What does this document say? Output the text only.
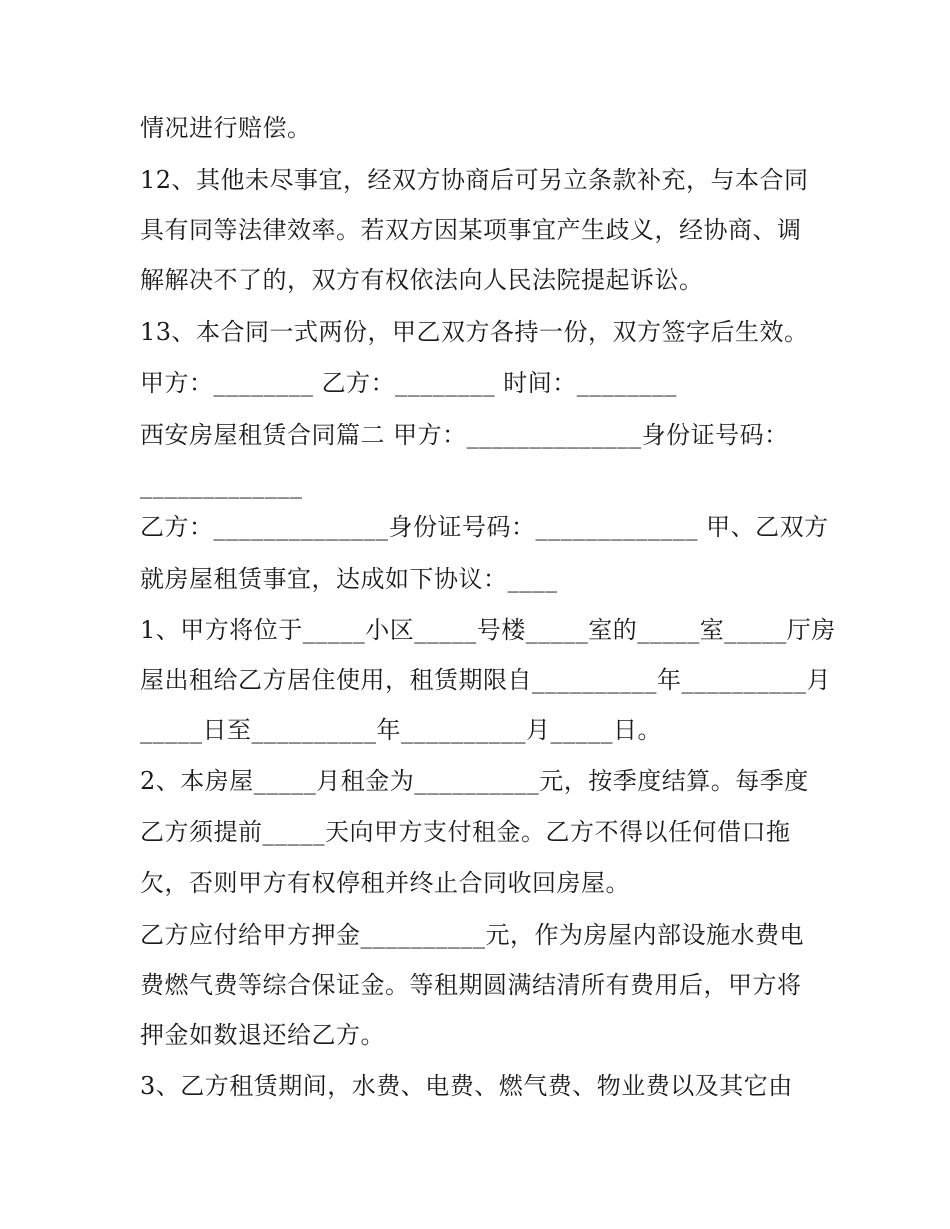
情况进行赔偿。
12、其他未尽事宜，经双方协商后可另立条款补充，与本合同
具有同等法律效率。若双方因某项事宜产生歧义，经协商、调
解解决不了的，双方有权依法向人民法院提起诉讼。
13、本合同一式两份，甲乙双方各持一份，双方签字后生效。
甲方：________ 乙方：________ 时间：________
西安房屋租赁合同篇二 甲方：______________身份证号码：
_____________
乙方：______________身份证号码：_____________ 甲、乙双方
就房屋租赁事宜，达成如下协议：____
1、甲方将位于_____小区_____号楼_____室的_____室_____厅房
屋出租给乙方居住使用，租赁期限自__________年__________月
_____日至__________年__________月_____日。
2、本房屋_____月租金为__________元，按季度结算。每季度
乙方须提前_____天向甲方支付租金。乙方不得以任何借口拖
欠，否则甲方有权停租并终止合同收回房屋。
乙方应付给甲方押金__________元，作为房屋内部设施水费电
费燃气费等综合保证金。等租期圆满结清所有费用后，甲方将
押金如数退还给乙方。
3、乙方租赁期间，水费、电费、燃气费、物业费以及其它由
